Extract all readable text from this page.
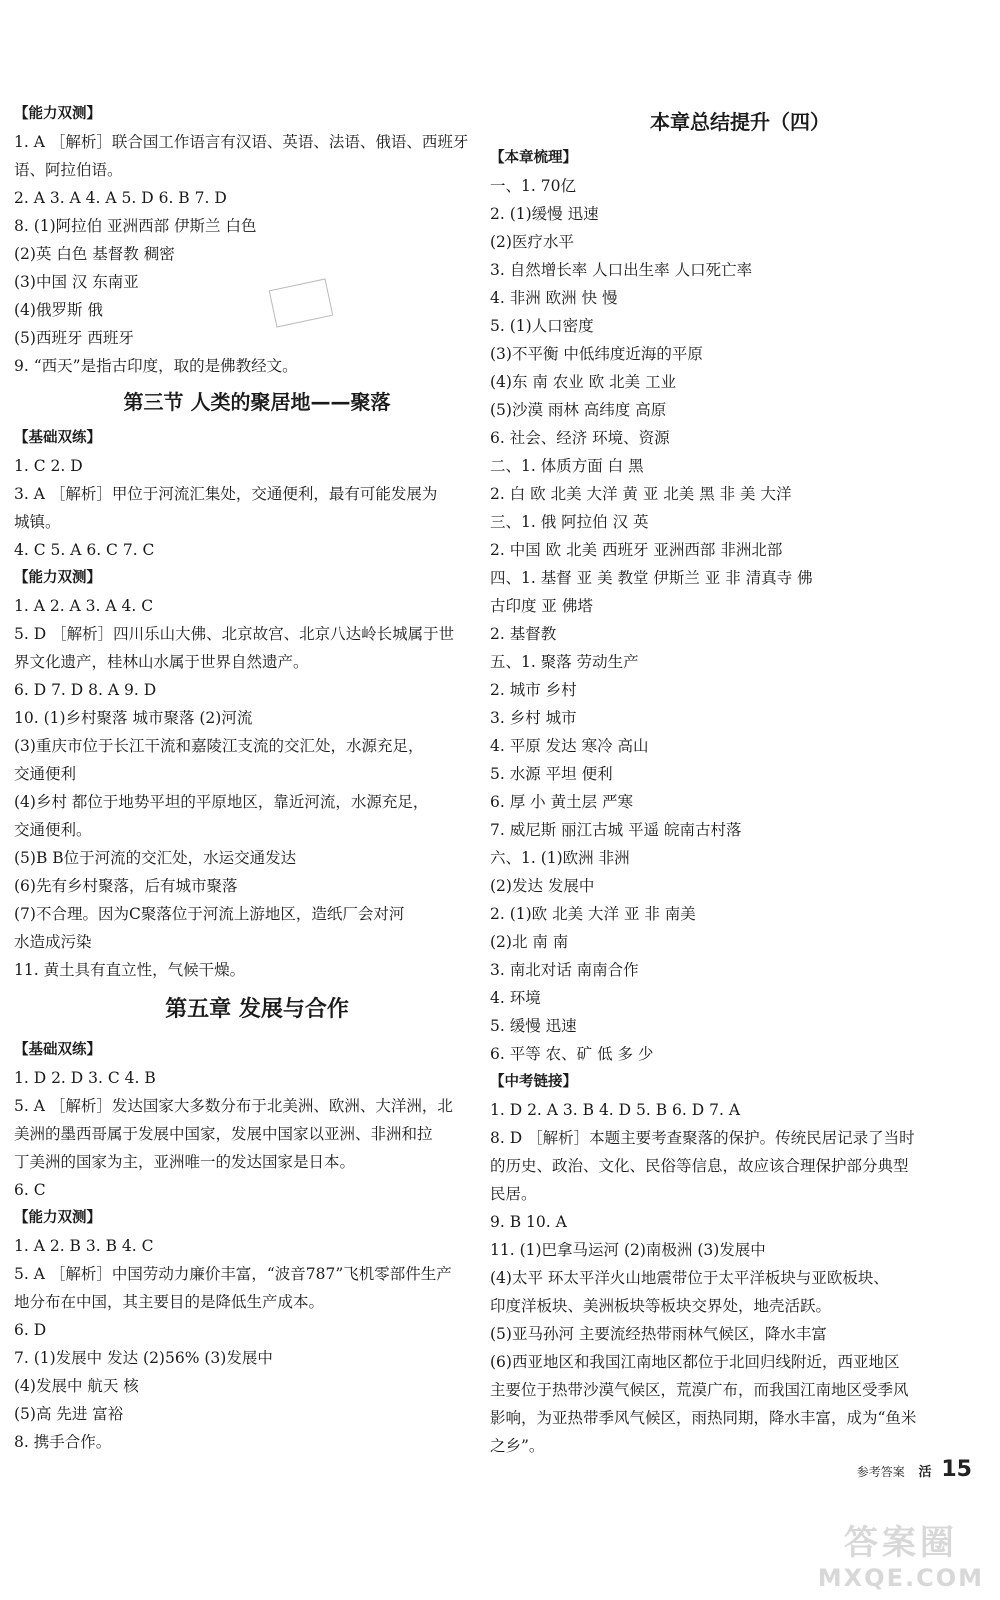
【能力双测】
1. A ［解析］联合国工作语言有汉语、英语、法语、俄语、西班牙
语、阿拉伯语。
2. A 3. A 4. A 5. D 6. B 7. D
8. (1)阿拉伯 亚洲西部 伊斯兰 白色
(2)英 白色 基督教 稠密
(3)中国 汉 东南亚
(4)俄罗斯 俄
(5)西班牙 西班牙
9. “西天”是指古印度，取的是佛教经文。
第三节 人类的聚居地——聚落
【基础双练】
1. C 2. D
3. A ［解析］甲位于河流汇集处，交通便利，最有可能发展为
城镇。
4. C 5. A 6. C 7. C
【能力双测】
1. A 2. A 3. A 4. C
5. D ［解析］四川乐山大佛、北京故宫、北京八达岭长城属于世
界文化遗产，桂林山水属于世界自然遗产。
6. D 7. D 8. A 9. D
10. (1)乡村聚落 城市聚落 (2)河流
(3)重庆市位于长江干流和嘉陵江支流的交汇处，水源充足，
交通便利
(4)乡村 都位于地势平坦的平原地区，靠近河流，水源充足，
交通便利。
(5)B B位于河流的交汇处，水运交通发达
(6)先有乡村聚落，后有城市聚落
(7)不合理。因为C聚落位于河流上游地区，造纸厂会对河
水造成污染
11. 黄土具有直立性，气候干燥。
第五章 发展与合作
【基础双练】
1. D 2. D 3. C 4. B
5. A ［解析］发达国家大多数分布于北美洲、欧洲、大洋洲，北
美洲的墨西哥属于发展中国家，发展中国家以亚洲、非洲和拉
丁美洲的国家为主，亚洲唯一的发达国家是日本。
6. C
【能力双测】
1. A 2. B 3. B 4. C
5. A ［解析］中国劳动力廉价丰富，“波音787”飞机零部件生产
地分布在中国，其主要目的是降低生产成本。
6. D
7. (1)发展中 发达 (2)56% (3)发展中
(4)发展中 航天 核
(5)高 先进 富裕
8. 携手合作。
本章总结提升（四）
【本章梳理】
一、1. 70亿
2. (1)缓慢 迅速
(2)医疗水平
3. 自然增长率 人口出生率 人口死亡率
4. 非洲 欧洲 快 慢
5. (1)人口密度
(3)不平衡 中低纬度近海的平原
(4)东 南 农业 欧 北美 工业
(5)沙漠 雨林 高纬度 高原
6. 社会、经济 环境、资源
二、1. 体质方面 白 黑
2. 白 欧 北美 大洋 黄 亚 北美 黑 非 美 大洋
三、1. 俄 阿拉伯 汉 英
2. 中国 欧 北美 西班牙 亚洲西部 非洲北部
四、1. 基督 亚 美 教堂 伊斯兰 亚 非 清真寺 佛
古印度 亚 佛塔
2. 基督教
五、1. 聚落 劳动生产
2. 城市 乡村
3. 乡村 城市
4. 平原 发达 寒冷 高山
5. 水源 平坦 便利
6. 厚 小 黄土层 严寒
7. 威尼斯 丽江古城 平遥 皖南古村落
六、1. (1)欧洲 非洲
(2)发达 发展中
2. (1)欧 北美 大洋 亚 非 南美
(2)北 南 南
3. 南北对话 南南合作
4. 环境
5. 缓慢 迅速
6. 平等 农、矿 低 多 少
【中考链接】
1. D 2. A 3. B 4. D 5. B 6. D 7. A
8. D ［解析］本题主要考查聚落的保护。传统民居记录了当时
的历史、政治、文化、民俗等信息，故应该合理保护部分典型
民居。
9. B 10. A
11. (1)巴拿马运河 (2)南极洲 (3)发展中
(4)太平 环太平洋火山地震带位于太平洋板块与亚欧板块、
印度洋板块、美洲板块等板块交界处，地壳活跃。
(5)亚马孙河 主要流经热带雨林气候区，降水丰富
(6)西亚地区和我国江南地区都位于北回归线附近，西亚地区
主要位于热带沙漠气候区，荒漠广布，而我国江南地区受季风
影响，为亚热带季风气候区，雨热同期，降水丰富，成为“鱼米
之乡”。
参考答案 活 15
答案圈
MXQE.COM
